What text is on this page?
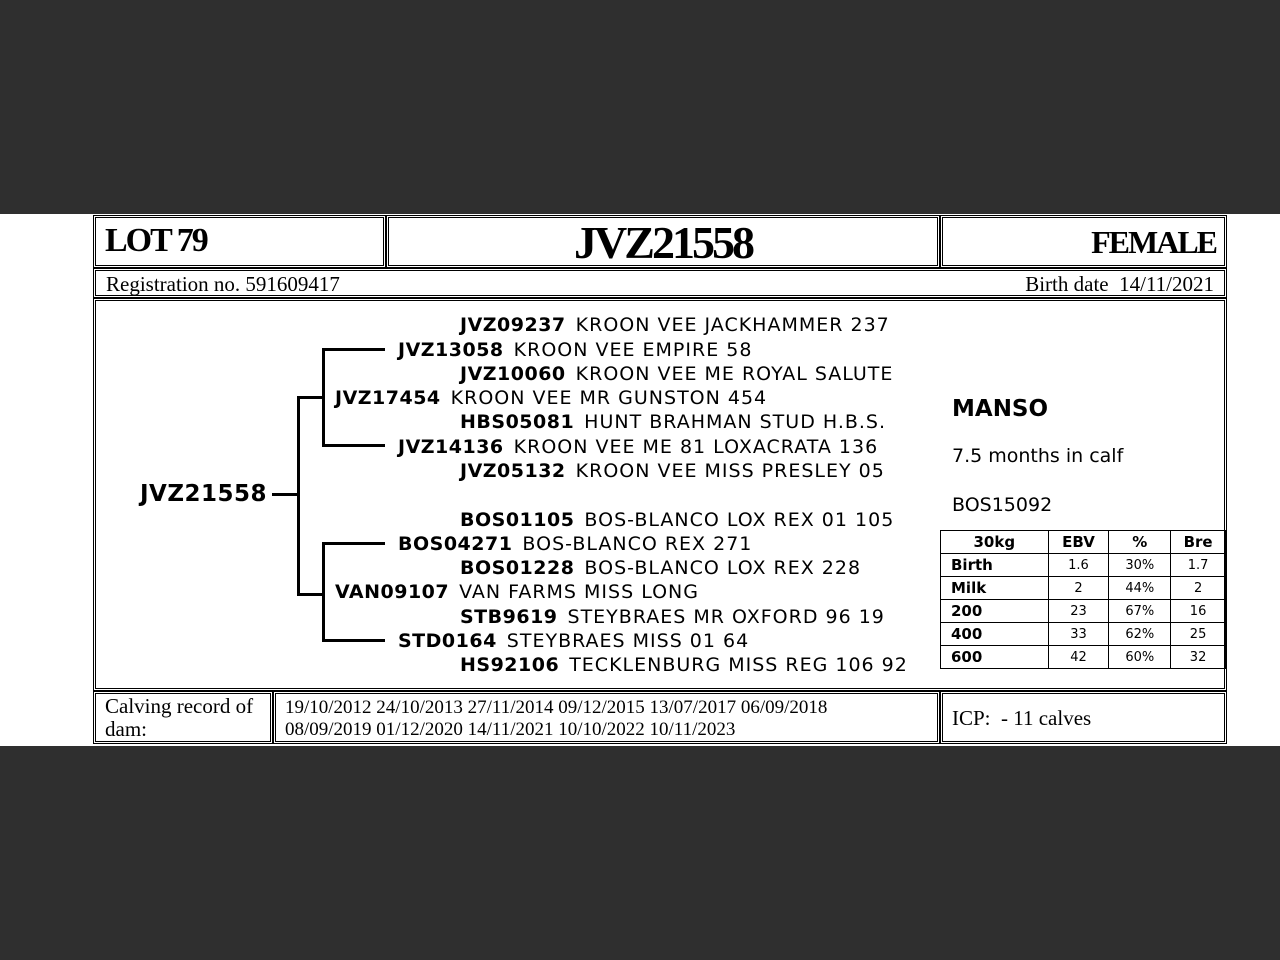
LOT 79	JVZ21558	FEMALE
Registration no. 591609417	Birth date 14/11/2021
JVZ21558
JVZ09237 KROON VEE JACKHAMMER 237
JVZ13058 KROON VEE EMPIRE 58
JVZ10060 KROON VEE ME ROYAL SALUTE
JVZ17454 KROON VEE MR GUNSTON 454
HBS05081 HUNT BRAHMAN STUD H.B.S.
JVZ14136 KROON VEE ME 81 LOXACRATA 136
JVZ05132 KROON VEE MISS PRESLEY 05
BOS01105 BOS-BLANCO LOX REX 01 105
BOS04271 BOS-BLANCO REX 271
BOS01228 BOS-BLANCO LOX REX 228
VAN09107 VAN FARMS MISS LONG
STB9619 STEYBRAES MR OXFORD 96 19
STD0164 STEYBRAES MISS 01 64
HS92106 TECKLENBURG MISS REG 106 92
MANSO
7.5 months in calf
BOS15092
30kg	EBV	%	Bre
Birth	1.6	30%	1.7
Milk	2	44%	2
200	23	67%	16
400	33	62%	25
600	42	60%	32
Calving record of dam:
19/10/2012 24/10/2013 27/11/2014 09/12/2015 13/07/2017 06/09/2018
08/09/2019 01/12/2020 14/11/2021 10/10/2022 10/11/2023	ICP:  - 11 calves
